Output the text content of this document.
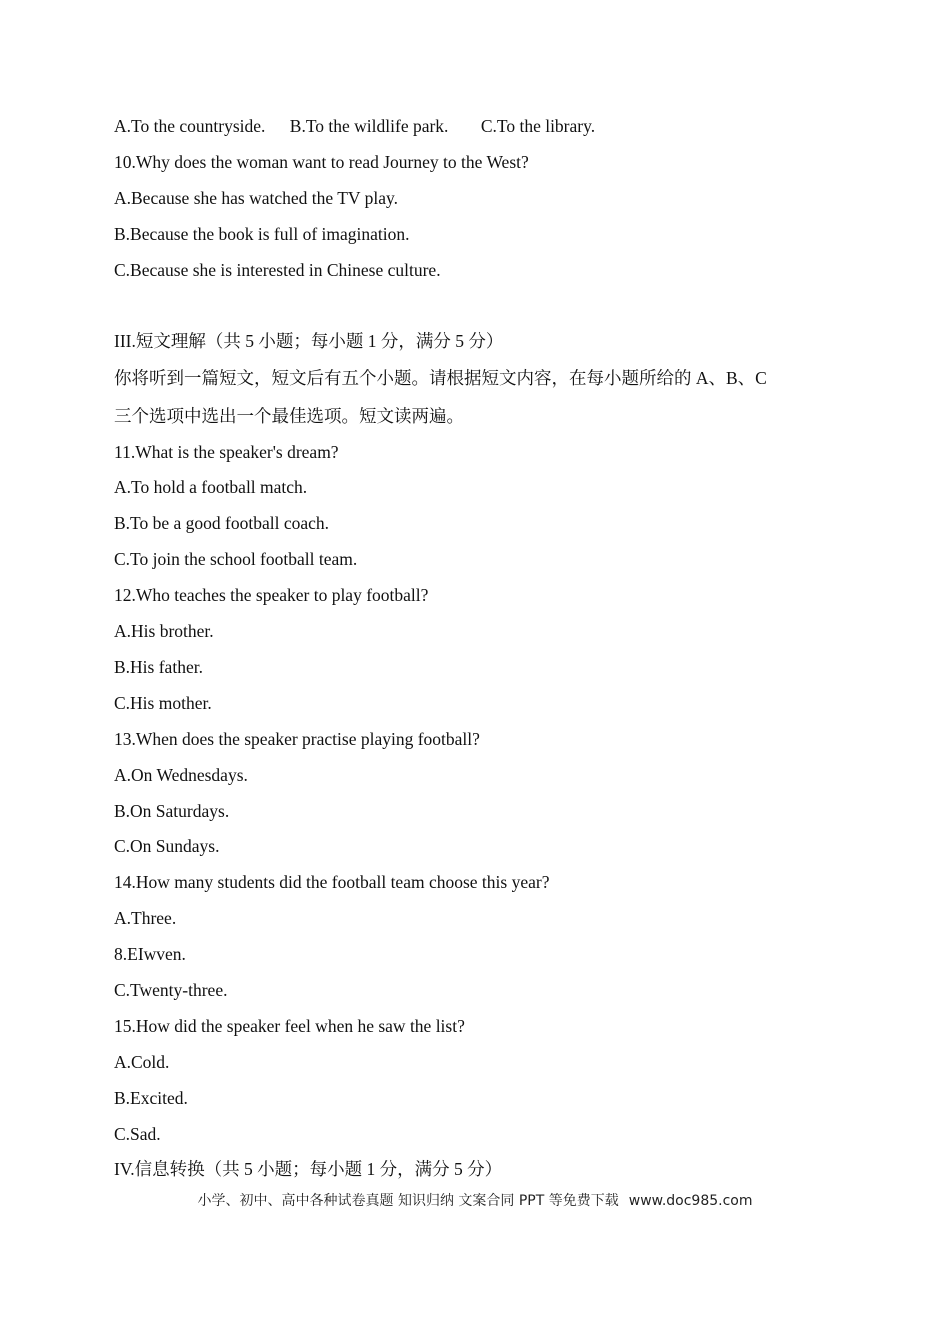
A.To the countryside. B.To the wildlife park. C.To the library.
10.Why does the woman want to read Journey to the West?
A.Because she has watched the TV play.
B.Because the book is full of imagination.
C.Because she is interested in Chinese culture.
III.短文理解（共 5 小题；每小题 1 分，满分 5 分）
你将听到一篇短文，短文后有五个小题。请根据短文内容，在每小题所给的 A、B、C
三个选项中选出一个最佳选项。短文读两遍。
11.What is the speaker's dream?
A.To hold a football match.
B.To be a good football coach.
C.To join the school football team.
12.Who teaches the speaker to play football?
A.His brother.
B.His father.
C.His mother.
13.When does the speaker practise playing football?
A.On Wednesdays.
B.On Saturdays.
C.On Sundays.
14.How many students did the football team choose this year?
A.Three.
8.EIwven.
C.Twenty-three.
15.How did the speaker feel when he saw the list?
A.Cold.
B.Excited.
C.Sad.
IV.信息转换（共 5 小题；每小题 1 分，满分 5 分）
小学、初中、高中各种试卷真题 知识归纳 文案合同 PPT 等免费下载 www.doc985.com
